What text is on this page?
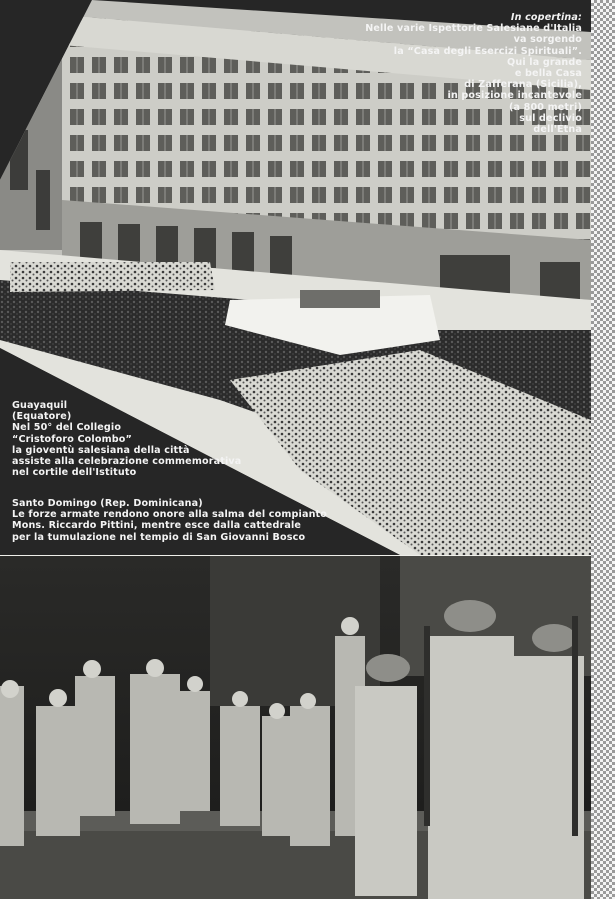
In copertina:
Nelle varie Ispettorie Salesiane d'Italia
va sorgendo
la “Casa degli Esercizi Spirituali”.
Qui la grande
e bella Casa
di Zafferana (Sicilia),
in posizione incantevole
(a 800 metri)
sul declivio
dell'Etna
Guayaquil
(Equatore)
Nel 50° del Collegio
“Cristoforo Colombo”
la gioventù salesiana della città
assiste alla celebrazione commemorativa
nel cortile dell'Istituto
Santo Domingo (Rep. Dominicana)
Le forze armate rendono onore alla salma del compianto
Mons. Riccardo Pittini, mentre esce dalla cattedrale
per la tumulazione nel tempio di San Giovanni Bosco
